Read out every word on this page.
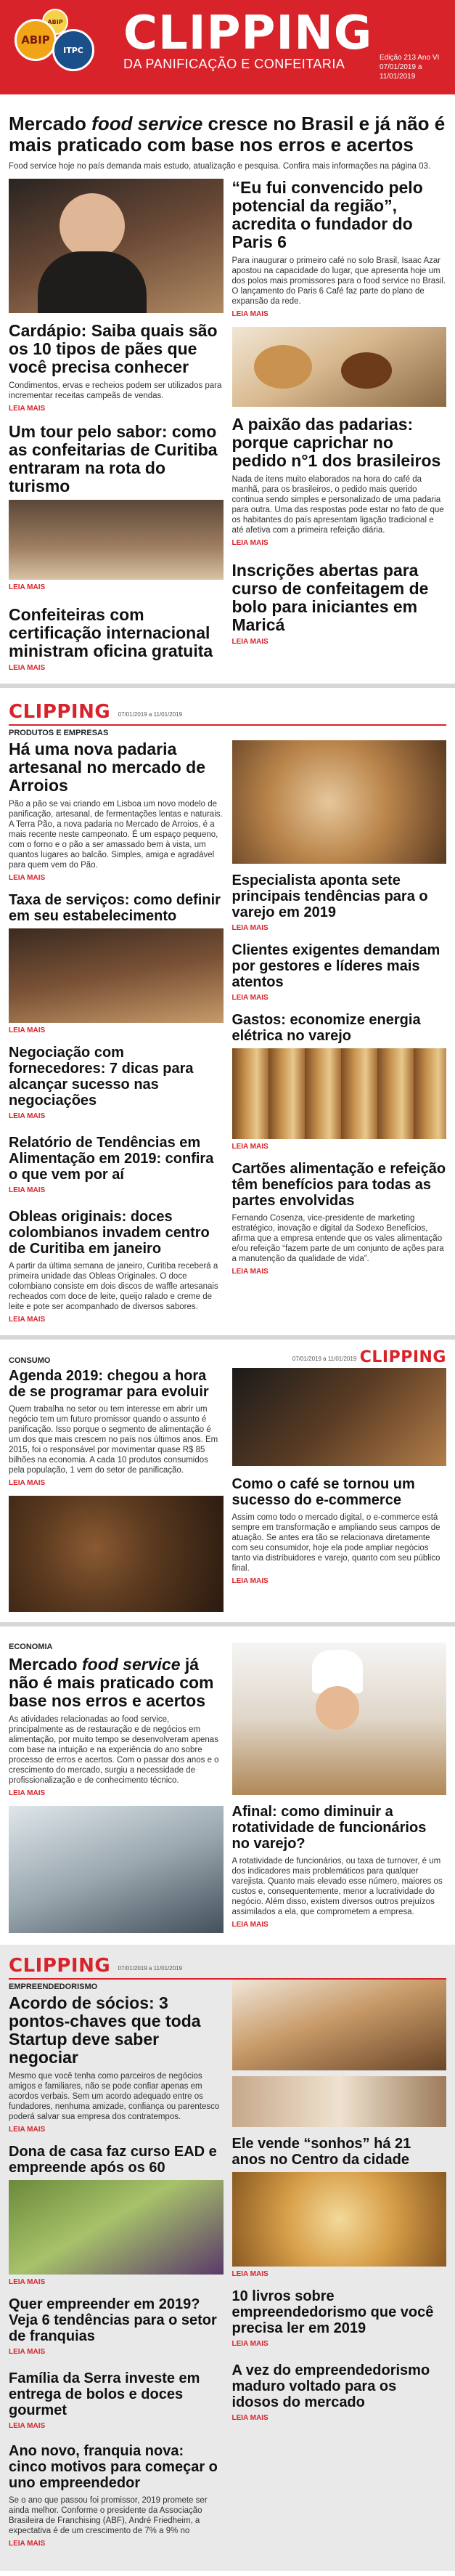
ABIP
ABIP
ITPC CLIPPING
DA PANIFICAÇÃO E CONFEITARIA	Edição 213 Ano VI
07/01/2019 a 11/01/2019
Mercado food service cresce no Brasil e já não é mais praticado com base nos erros e acertos
Food service hoje no país demanda mais estudo, atualização e pesquisa. Confira mais informações na página 03.
Cardápio: Saiba quais são os 10 tipos de pães que você precisa conhecer
Condimentos, ervas e recheios podem ser utilizados para incrementar receitas campeãs de vendas.
LEIA MAIS
Um tour pelo sabor: como as confeitarias de Curitiba entraram na rota do turismo
LEIA MAIS
Confeiteiras com certificação internacional ministram oficina gratuita
LEIA MAIS
“Eu fui convencido pelo potencial da região”, acredita o fundador do Paris 6
Para inaugurar o primeiro café no solo Brasil, Isaac Azar apostou na capacidade do lugar, que apresenta hoje um dos polos mais promissores para o food service no Brasil. O lançamento do Paris 6 Café faz parte do plano de expansão da rede.
LEIA MAIS
A paixão das padarias: porque caprichar no pedido n°1 dos brasileiros
Nada de itens muito elaborados na hora do café da manhã, para os brasileiros, o pedido mais querido continua sendo simples e personalizado de uma padaria para outra. Uma das respostas pode estar no fato de que os habitantes do país apresentam ligação tradicional e até afetiva com a primeira refeição diária.
LEIA MAIS
Inscrições abertas para curso de confeitagem de bolo para iniciantes em Maricá
LEIA MAIS
CLIPPING 07/01/2019 a 11/01/2019
PRODUTOS E EMPRESAS
Há uma nova padaria artesanal no mercado de Arroios
Pão a pão se vai criando em Lisboa um novo modelo de panificação, artesanal, de fermentações lentas e naturais. A Terra Pão, a nova padaria no Mercado de Arroios, é a mais recente neste campeonato. É um espaço pequeno, com o forno e o pão a ser amassado bem à vista, um quantos lugares ao balcão. Simples, amiga e agradável para quem vem do Pão.
LEIA MAIS
Taxa de serviços: como definir em seu estabelecimento
LEIA MAIS
Negociação com fornecedores: 7 dicas para alcançar sucesso nas negociações
LEIA MAIS
Relatório de Tendências em Alimentação em 2019: confira o que vem por aí
LEIA MAIS
Obleas originais: doces colombianos invadem centro de Curitiba em janeiro
A partir da última semana de janeiro, Curitiba receberá a primeira unidade das Obleas Originales. O doce colombiano consiste em dois discos de waffle artesanais recheados com doce de leite, queijo ralado e creme de leite e pote ser acompanhado de diversos sabores.
LEIA MAIS
Especialista aponta sete principais tendências para o varejo em 2019
LEIA MAIS
Clientes exigentes demandam por gestores e líderes mais atentos
LEIA MAIS
Gastos: economize energia elétrica no varejo
LEIA MAIS
Cartões alimentação e refeição têm benefícios para todas as partes envolvidas
Fernando Cosenza, vice-presidente de marketing estratégico, inovação e digital da Sodexo Benefícios, afirma que a empresa entende que os vales alimentação e/ou refeição “fazem parte de um conjunto de ações para a manutenção da qualidade de vida”.
LEIA MAIS
07/01/2019 a 11/01/2019 CLIPPING
CONSUMO
Agenda 2019: chegou a hora de se programar para evoluir
Quem trabalha no setor ou tem interesse em abrir um negócio tem um futuro promissor quando o assunto é panificação. Isso porque o segmento de alimentação é um dos que mais crescem no país nos últimos anos. Em 2015, foi o responsável por movimentar quase R$ 85 bilhões na economia. A cada 10 produtos consumidos pela população, 1 vem do setor de panificação.
LEIA MAIS	Como o café se tornou um sucesso do e-commerce
Assim como todo o mercado digital, o e-commerce está sempre em transformação e ampliando seus campos de atuação. Se antes era tão se relacionava diretamente com seu consumidor, hoje ela pode ampliar negócios tanto via distribuidores e varejo, quanto com seu público final.
LEIA MAIS
ECONOMIA
Mercado food service já não é mais praticado com base nos erros e acertos
As atividades relacionadas ao food service, principalmente as de restauração e de negócios em alimentação, por muito tempo se desenvolveram apenas com base na intuição e na experiência do ano sobre processo de erros e acertos. Com o passar dos anos e o crescimento do mercado, surgiu a necessidade de profissionalização e de conhecimento técnico.
LEIA MAIS
Afinal: como diminuir a rotatividade de funcionários no varejo?
A rotatividade de funcionários, ou taxa de turnover, é um dos indicadores mais problemáticos para qualquer varejista. Quanto mais elevado esse número, maiores os custos e, consequentemente, menor a lucratividade do negócio. Além disso, existem diversos outros prejuízos assimilados a ela, que comprometem a empresa.
LEIA MAIS
CLIPPING 07/01/2019 a 11/01/2019
EMPREENDEDORISMO
Acordo de sócios: 3 pontos-chaves que toda Startup deve saber negociar
Mesmo que você tenha como parceiros de negócios amigos e familiares, não se pode confiar apenas em acordos verbais. Sem um acordo adequado entre os fundadores, nenhuma amizade, confiança ou parentesco poderá salvar sua empresa dos contratempos.
LEIA MAIS
Dona de casa faz curso EAD e empreende após os 60
LEIA MAIS
Quer empreender em 2019? Veja 6 tendências para o setor de franquias
LEIA MAIS
Família da Serra investe em entrega de bolos e doces gourmet
LEIA MAIS
Ano novo, franquia nova: cinco motivos para começar o uno empreendedor
Se o ano que passou foi promissor, 2019 promete ser ainda melhor. Conforme o presidente da Associação Brasileira de Franchising (ABF), André Friedheim, a expectativa é de um crescimento de 7% a 9% no
LEIA MAIS
Ele vende “sonhos” há 21 anos no Centro da cidade
LEIA MAIS
10 livros sobre empreendedorismo que você precisa ler em 2019
LEIA MAIS
A vez do empreendedorismo maduro voltado para os idosos do mercado
LEIA MAIS
